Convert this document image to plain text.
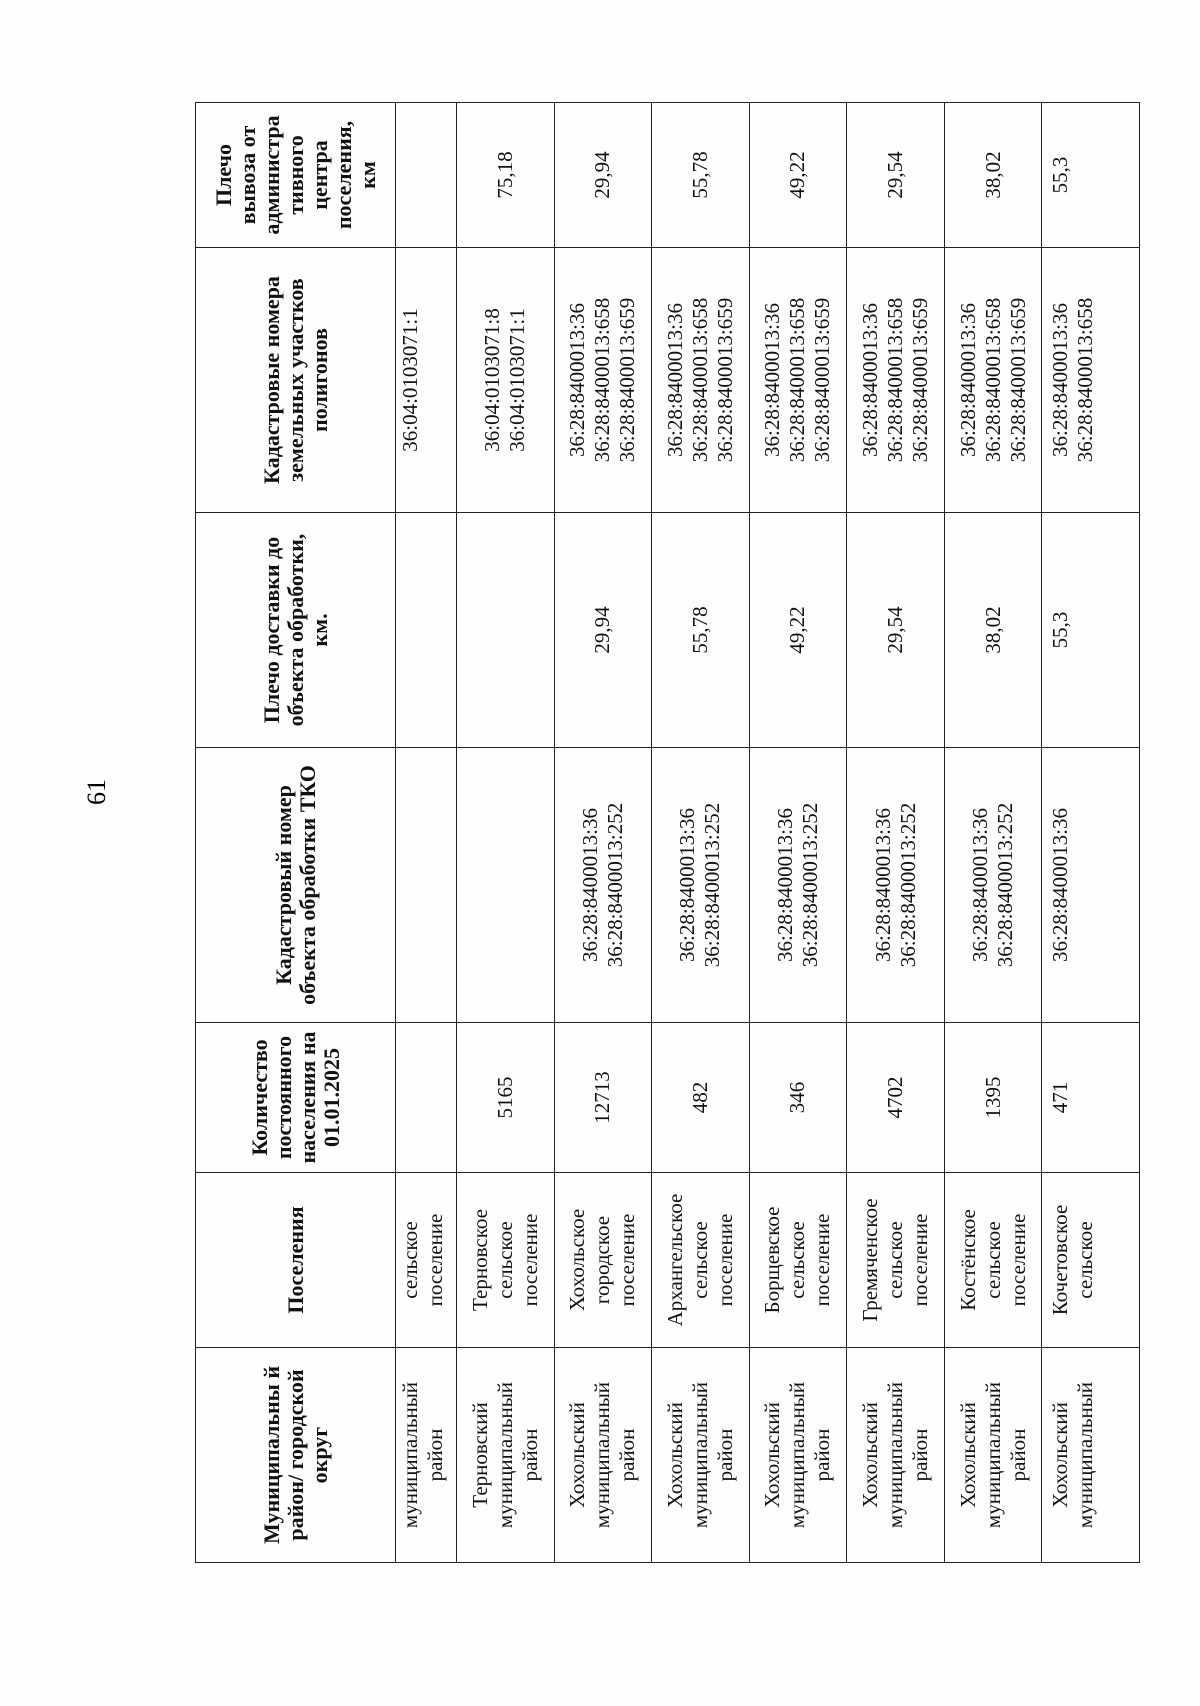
61
Муниципальны й район/ городской округ	Поселения	Количество постоянного населения на 01.01.2025	Кадастровый номер объекта обработки ТКО	Плечо доставки до объекта обработки, км.	Кадастровые номера земельных участков полигонов	Плечо вывоза от администра тивного центра поселения, км

муниципальный район	сельское поселение				36:04:0103071:1	

Терновский муниципальный район	Терновское сельское поселение	5165			36:04:0103071:8 36:04:0103071:1	75,18

Хохольский муниципальный район	Хохольское городское поселение	12713	36:28:8400013:36 36:28:8400013:252	29,94	36:28:8400013:36 36:28:8400013:658 36:28:8400013:659	29,94

Хохольский муниципальный район	Архангельское сельское поселение	482	36:28:8400013:36 36:28:8400013:252	55,78	36:28:8400013:36 36:28:8400013:658 36:28:8400013:659	55,78

Хохольский муниципальный район	Борщевское сельское поселение	346	36:28:8400013:36 36:28:8400013:252	49,22	36:28:8400013:36 36:28:8400013:658 36:28:8400013:659	49,22

Хохольский муниципальный район	Гремяченское сельское поселение	4702	36:28:8400013:36 36:28:8400013:252	29,54	36:28:8400013:36 36:28:8400013:658 36:28:8400013:659	29,54

Хохольский муниципальный район	Костёнское сельское поселение	1395	36:28:8400013:36 36:28:8400013:252	38,02	36:28:8400013:36 36:28:8400013:658 36:28:8400013:659	38,02

Хохольский муниципальный	Кочетовское сельское	471	36:28:8400013:36	55,3	36:28:8400013:36 36:28:8400013:658	55,3
